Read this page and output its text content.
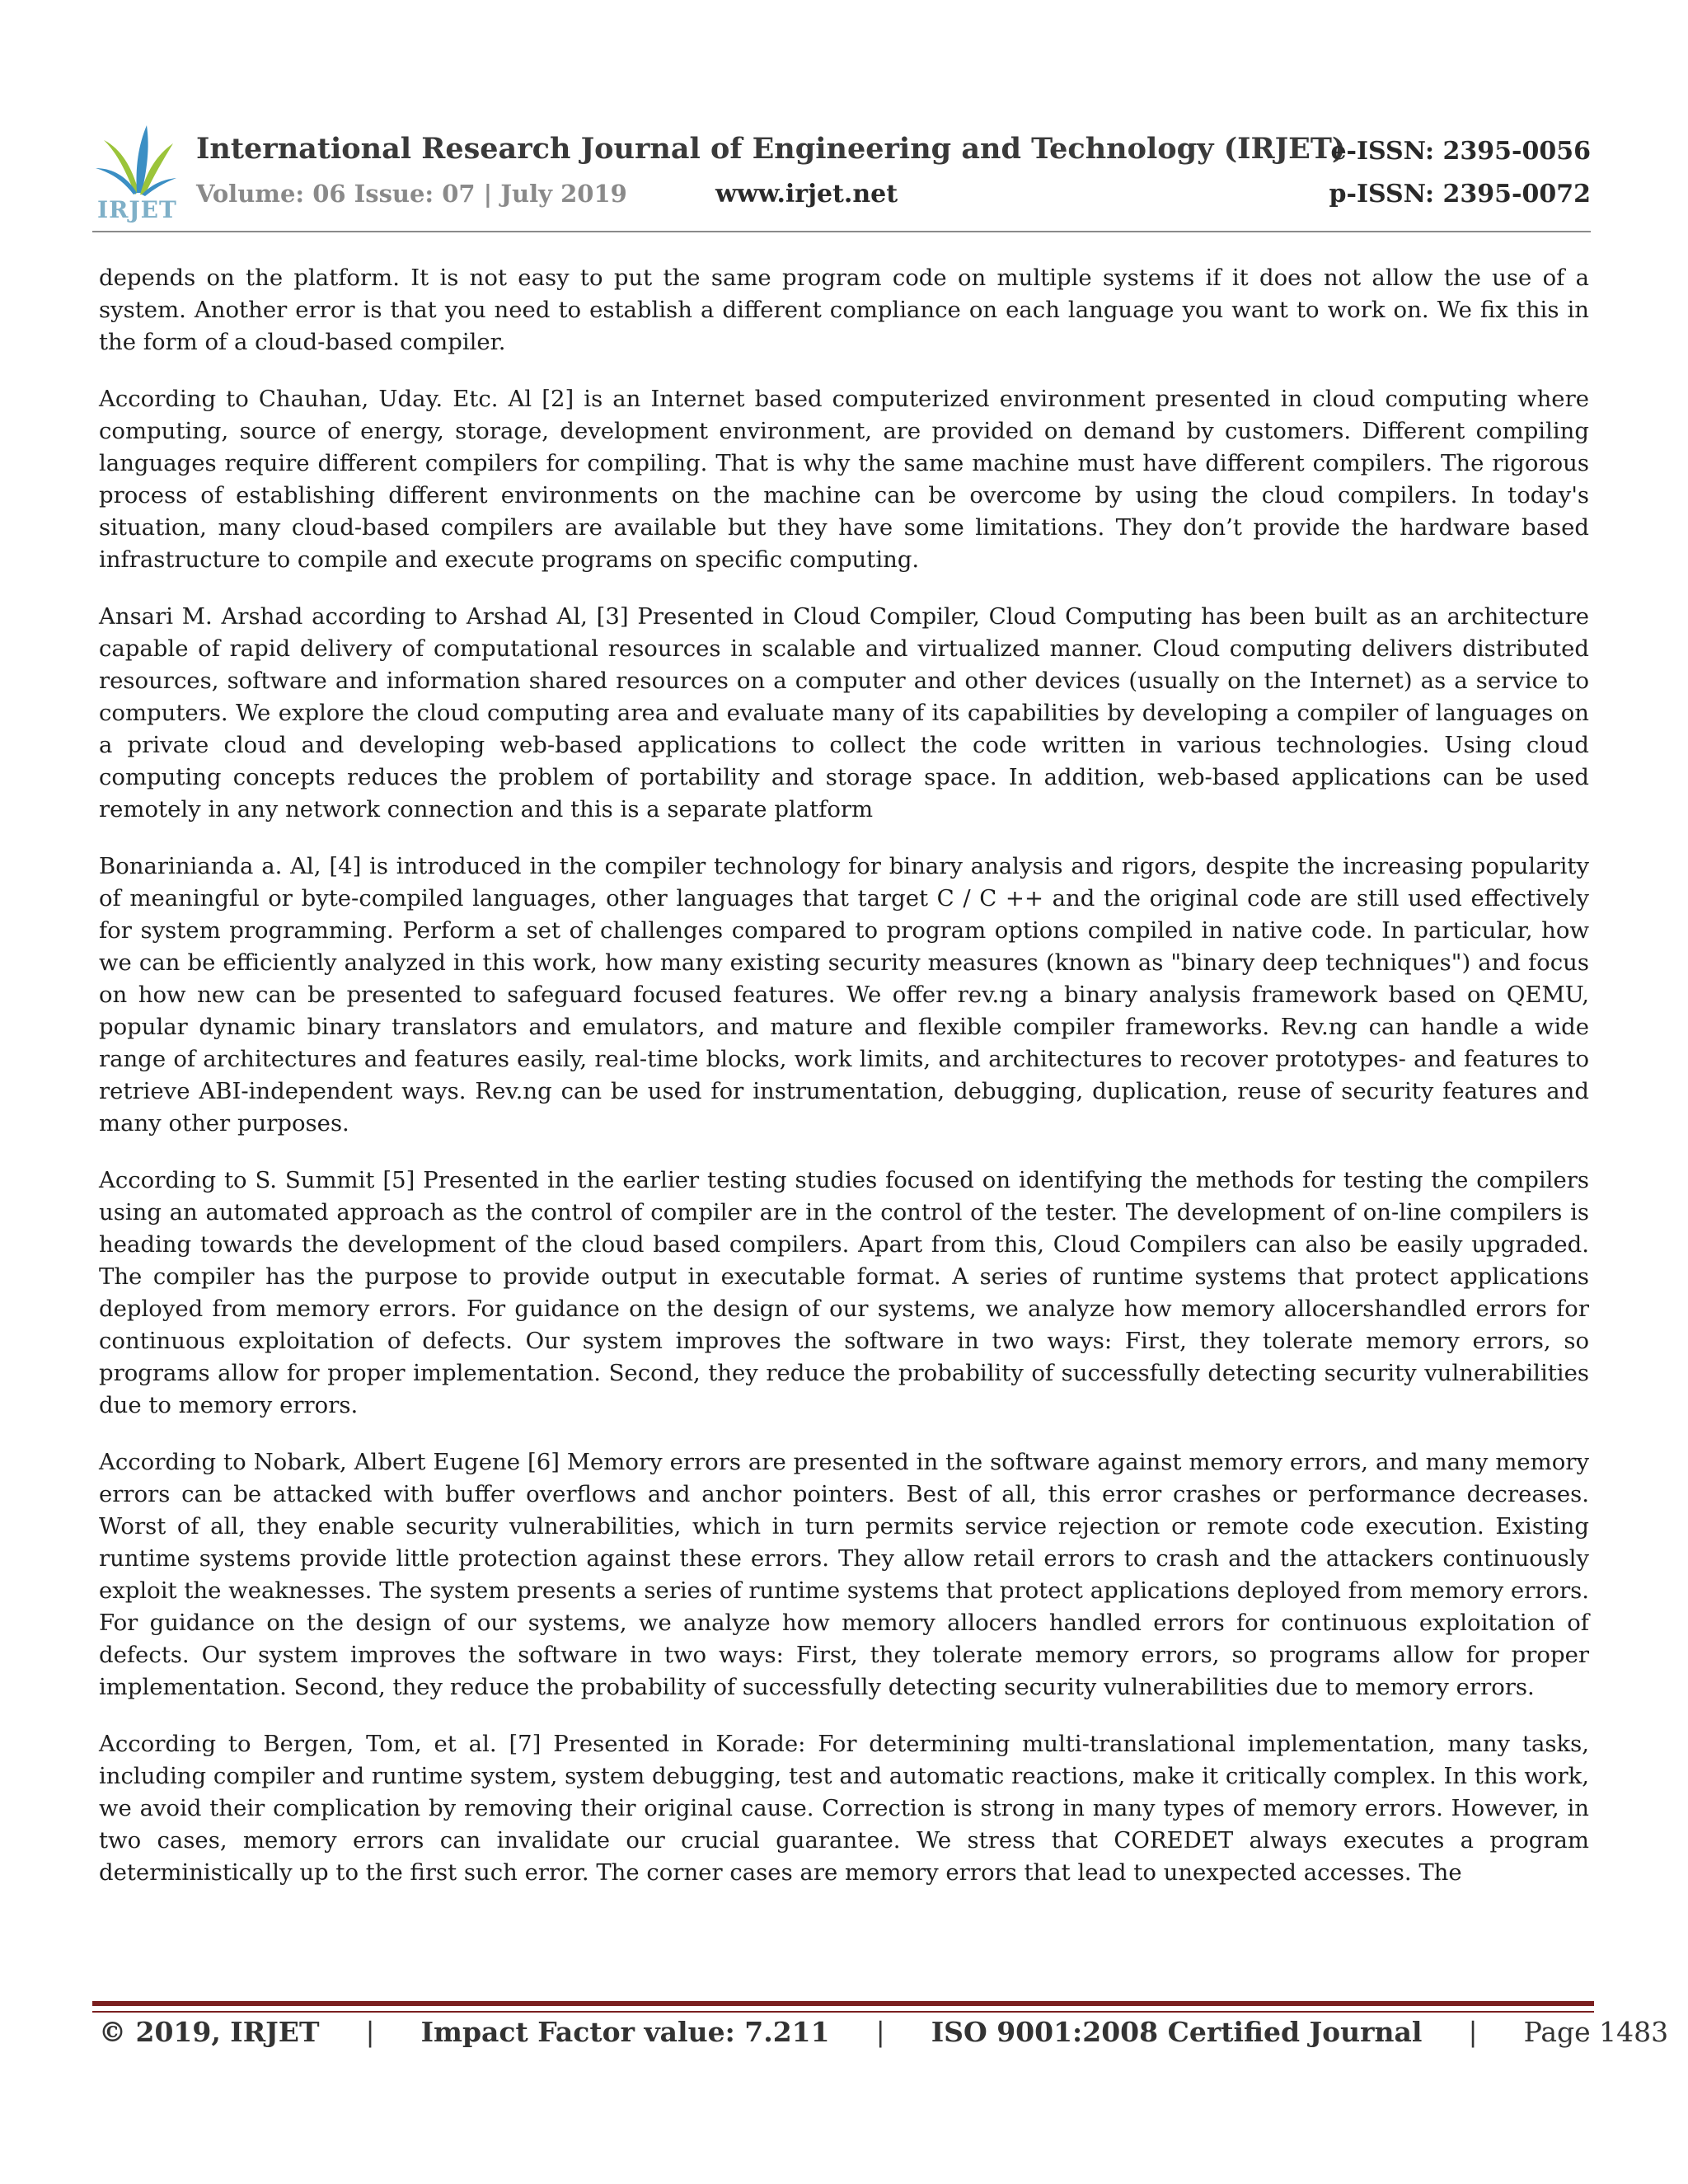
IRJET
International Research Journal of Engineering and Technology (IRJET)
Volume: 06 Issue: 07 | July 2019	www.irjet.net
e-ISSN: 2395-0056
p-ISSN: 2395-0072

depends on the platform. It is not easy to put the same program code on multiple systems if it does not allow the use of a system. Another error is that you need to establish a different compliance on each language you want to work on. We fix this in the form of a cloud-based compiler.

According to Chauhan, Uday. Etc. Al [2] is an Internet based computerized environment presented in cloud computing where computing, source of energy, storage, development environment, are provided on demand by customers. Different compiling languages require different compilers for compiling. That is why the same machine must have different compilers. The rigorous process of establishing different environments on the machine can be overcome by using the cloud compilers. In today's situation, many cloud-based compilers are available but they have some limitations. They don’t provide the hardware based infrastructure to compile and execute programs on specific computing.

Ansari M. Arshad according to Arshad Al, [3] Presented in Cloud Compiler, Cloud Computing has been built as an architecture capable of rapid delivery of computational resources in scalable and virtualized manner. Cloud computing delivers distributed resources, software and information shared resources on a computer and other devices (usually on the Internet) as a service to computers. We explore the cloud computing area and evaluate many of its capabilities by developing a compiler of languages on a private cloud and developing web-based applications to collect the code written in various technologies. Using cloud computing concepts reduces the problem of portability and storage space. In addition, web-based applications can be used remotely in any network connection and this is a separate platform

Bonarinianda a. Al, [4] is introduced in the compiler technology for binary analysis and rigors, despite the increasing popularity of meaningful or byte-compiled languages, other languages that target C / C ++ and the original code are still used effectively for system programming. Perform a set of challenges compared to program options compiled in native code. In particular, how we can be efficiently analyzed in this work, how many existing security measures (known as "binary deep techniques") and focus on how new can be presented to safeguard focused features. We offer rev.ng a binary analysis framework based on QEMU, popular dynamic binary translators and emulators, and mature and flexible compiler frameworks. Rev.ng can handle a wide range of architectures and features easily, real-time blocks, work limits, and architectures to recover prototypes- and features to retrieve ABI-independent ways. Rev.ng can be used for instrumentation, debugging, duplication, reuse of security features and many other purposes.

According to S. Summit [5] Presented in the earlier testing studies focused on identifying the methods for testing the compilers using an automated approach as the control of compiler are in the control of the tester. The development of on-line compilers is heading towards the development of the cloud based compilers. Apart from this, Cloud Compilers can also be easily upgraded. The compiler has the purpose to provide output in executable format. A series of runtime systems that protect applications deployed from memory errors. For guidance on the design of our systems, we analyze how memory allocershandled errors for continuous exploitation of defects. Our system improves the software in two ways: First, they tolerate memory errors, so programs allow for proper implementation. Second, they reduce the probability of successfully detecting security vulnerabilities due to memory errors.

According to Nobark, Albert Eugene [6] Memory errors are presented in the software against memory errors, and many memory errors can be attacked with buffer overflows and anchor pointers. Best of all, this error crashes or performance decreases. Worst of all, they enable security vulnerabilities, which in turn permits service rejection or remote code execution. Existing runtime systems provide little protection against these errors. They allow retail errors to crash and the attackers continuously exploit the weaknesses. The system presents a series of runtime systems that protect applications deployed from memory errors. For guidance on the design of our systems, we analyze how memory allocers handled errors for continuous exploitation of defects. Our system improves the software in two ways: First, they tolerate memory errors, so programs allow for proper implementation. Second, they reduce the probability of successfully detecting security vulnerabilities due to memory errors.

According to Bergen, Tom, et al. [7] Presented in Korade: For determining multi-translational implementation, many tasks, including compiler and runtime system, system debugging, test and automatic reactions, make it critically complex. In this work, we avoid their complication by removing their original cause. Correction is strong in many types of memory errors. However, in two cases, memory errors can invalidate our crucial guarantee. We stress that COREDET always executes a program deterministically up to the first such error. The corner cases are memory errors that lead to unexpected accesses. The

© 2019, IRJET | Impact Factor value: 7.211 | ISO 9001:2008 Certified Journal | Page 1483
